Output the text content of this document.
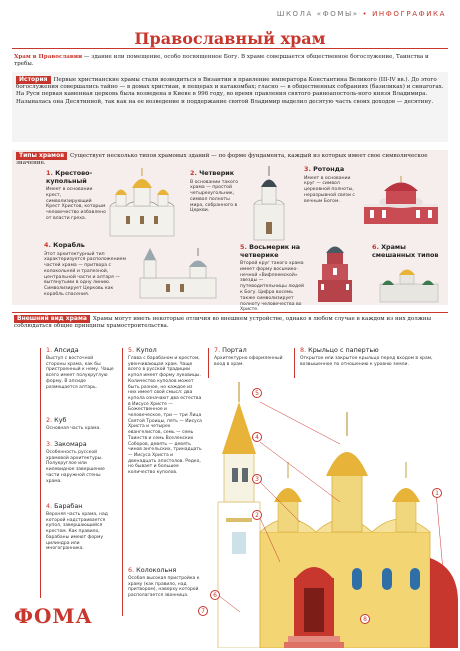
ШКОЛА «ФОМЫ» • ИНФОГРАФИКА
Православный храм
Храм в Православии — здание или помещение, особо посвященное Богу. В храме совершается общественное богослужение, Таинства и требы.
История Первые христианские храмы стали возводиться в Византии в правление императора Константина Великого (III-IV вв.). До этого богослужения совершались тайно — в домах христиан, в пещерах и катакомбах; гласно — в общественных собраниях (базиликах) и синагогах. На Руси первая каменная церковь была возведена в Киеве в 996 году, во время правления святого равноапостоль-ного князя Владимира. Называлась она Десятинной, так как на ее возведение и поддержание святой Владимир выделил десятую часть своих доходов — десятину.
Типы храмов Существует несколько типов храмовых зданий — по форме фундамента, каждый из которых имеет свое символическое значение.
1. Крестово-купольный
Имеет в основании крест, символизирующий Крест Христов, которым человечество избавлено от власти греха.
2. Четверик
В основании такого храма — простой четырехугольник, символ полноты мира, собранного в Церкви.
3. Ротонда
Имеет в основании круг — символ церковной полноты, неразрывной связи с вечным Богом.
4. Корабль
Этот архитектурный тип характеризуется расположением частей храма — притвора с колокольней и трапезной, центральной части и алтаря — вытянутыми в одну линию. Символизирует Церковь как корабль спасения.
5. Восьмерик на четверике
Второй круг такого храма имеет форму восьмико-нечной «Вифлеемской» звезды — путеводительницы людей к Богу. Цифра восемь также символизирует полноту человечества во Христе.
6. Храмы смешанных типов
Внешний вид храма Храмы могут иметь некоторые отличия во внешнем устройстве, однако в любом случае в каждом из них должны соблюдаться общие принципы храмостроительства.
1. Апсида
Выступ с восточной стороны храма, как бы пристроенный к нему. Чаще всего имеет полукруглую форму. В апсиде размещается алтарь.
2. Куб
Основная часть храма.
3. Закомара
Особенность русской храмовой архитектуры. Полукруглое или килевидное завершение части наружной стены храма.
4. Барабан
Верхняя часть храма, над которой надстраивается купол, завершающийся крестом. Как правило, барабаны имеют форму цилиндра или многогранника.
5. Купол
Глава с барабаном и крестом, увенчивающая храм. Чаще всего в русской традиции купол имеет форму луковицы. Количество куполов может быть разное, но каждое из них имеет свой смысл: два купола означают два естества в Иисусе Христе — Божественное и человеческое, три — три Лица Святой Троицы, пять — Иисуса Христа и четырех евангелистов, семь — семь Таинств и семь Вселенских Соборов, девять — девять чинов ангельских, тринадцать — Иисуса Христа и двенадцать апостолов. Редко, но бывает и большее количество куполов.
6. Колокольня
Особая высокая пристройка к храму (как правило, над притвором), наверху которой располагается звонница.
7. Портал
Архитектурно оформленный вход в храм.
8. Крыльцо с папертью
Открытое или закрытое крыльцо перед входом в храм, возвышенное по отношению к уровню земли.
5
4
3
2
1
6
7
8
ФОМА
